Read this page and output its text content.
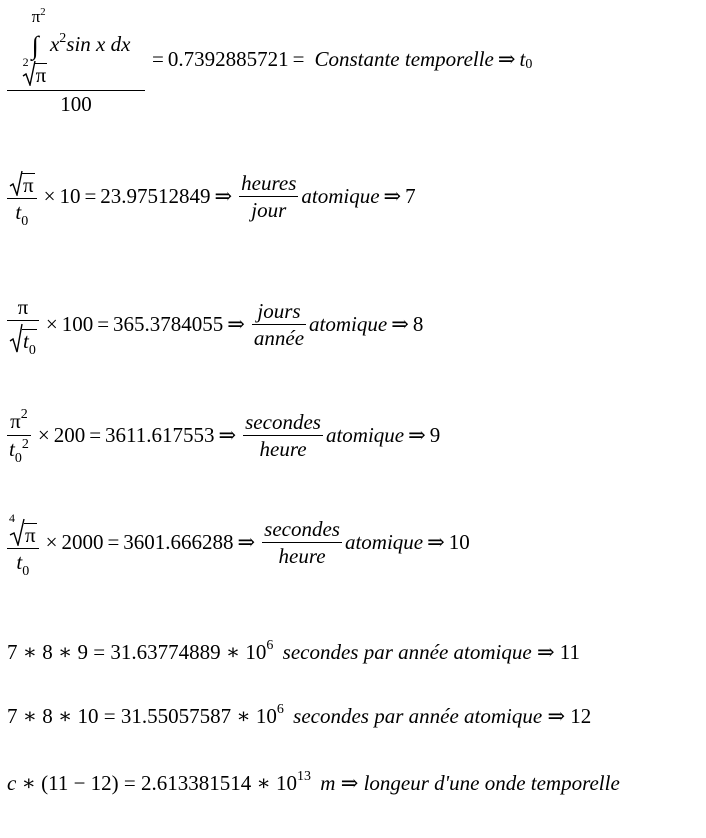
$\pi^2$
∫ $x^2\sin$ x dx
2
π
100
= 0.7392885721 = Constante temporelle ⇒ t 0
$\frac{\pi}{t_0} \times 10 = 23.97512849$ ⇒ $\frac{\text{heures}}{\text{jour}}$ atomique ⇒ 7
$\frac{\pi}{t_0} \times 100 = 365.3784055$ ⇒ $\frac{\text{jours}}{\text{année}}$ atomique ⇒ 8
$\frac{\pi^2}{t_0^2} \times 200 = 3611.617553$ ⇒ $\frac{\text{secondes}}{\text{heure}}$ atomique ⇒ 9
4
π
$t_0 \times 2000 = 3601.666288$ ⇒ $\frac{\text{secondes}}{\text{heure}}$ atomique ⇒ 10
7 ∗ 8 ∗ 9 = 31.63774889 ∗ $10^6$ secondes par année atomique ⇒ 11
7 ∗ 8 ∗ 10 = 31.55057587 ∗ $10^6$ secondes par année atomique ⇒ 12
c ∗ (11 − 12) = 2.613381514 ∗ $10^{13}$ m ⇒ longeur d'une onde temporelle
